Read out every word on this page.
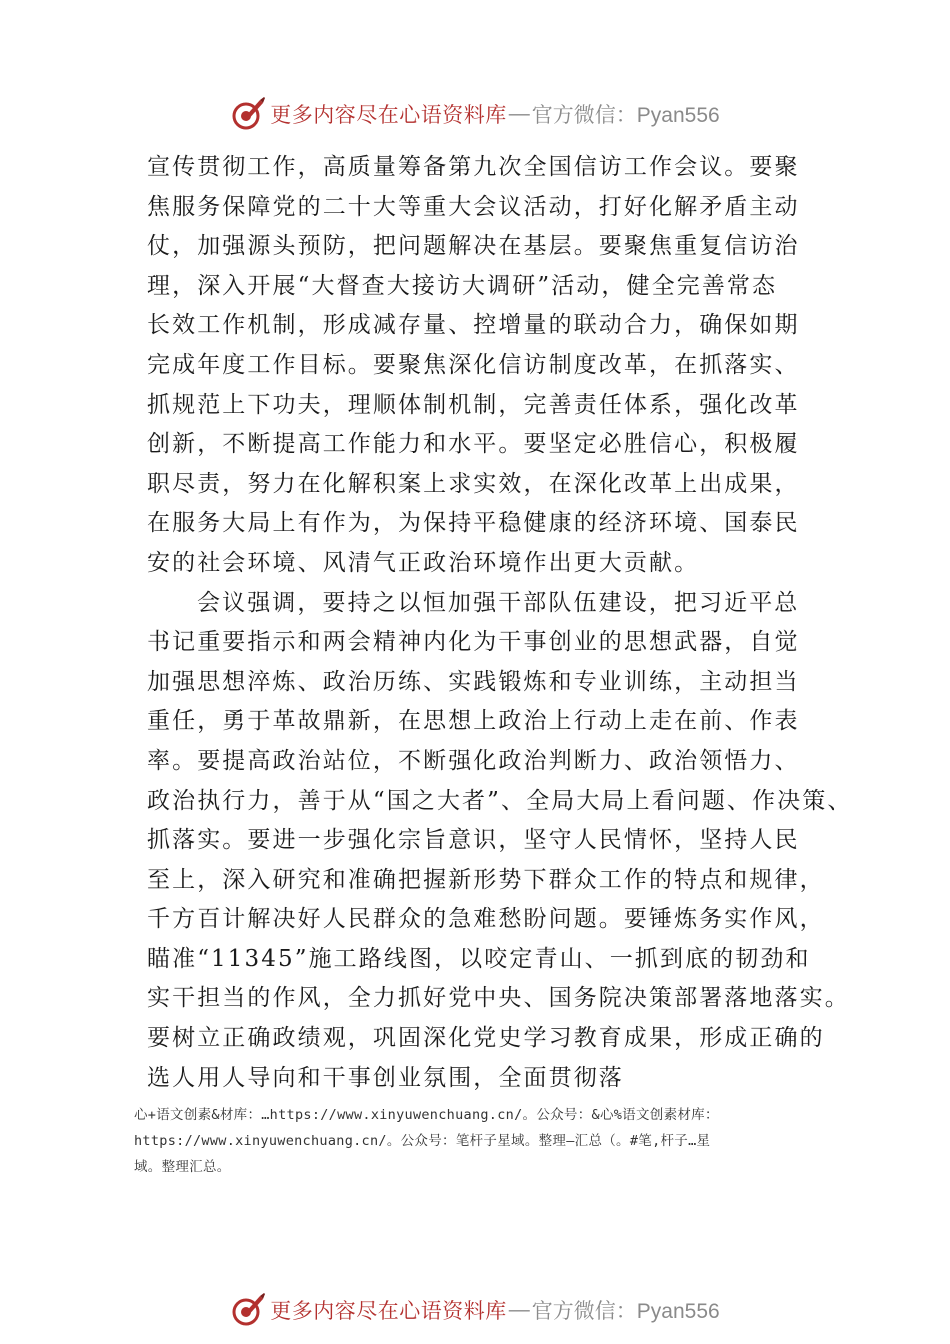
更多内容尽在心语资料库 — 官方微信：Pyan556
宣传贯彻工作，高质量筹备第九次全国信访工作会议。要聚
焦服务保障党的二十大等重大会议活动，打好化解矛盾主动
仗，加强源头预防，把问题解决在基层。要聚焦重复信访治
理，深入开展“大督查大接访大调研”活动，健全完善常态
长效工作机制，形成减存量、控增量的联动合力，确保如期
完成年度工作目标。要聚焦深化信访制度改革，在抓落实、
抓规范上下功夫，理顺体制机制，完善责任体系，强化改革
创新，不断提高工作能力和水平。要坚定必胜信心，积极履
职尽责，努力在化解积案上求实效，在深化改革上出成果，
在服务大局上有作为，为保持平稳健康的经济环境、国泰民
安的社会环境、风清气正政治环境作出更大贡献。
会议强调，要持之以恒加强干部队伍建设，把习近平总
书记重要指示和两会精神内化为干事创业的思想武器，自觉
加强思想淬炼、政治历练、实践锻炼和专业训练，主动担当
重任，勇于革故鼎新，在思想上政治上行动上走在前、作表
率。要提高政治站位，不断强化政治判断力、政治领悟力、
政治执行力，善于从“国之大者”、全局大局上看问题、作决策、
抓落实。要进一步强化宗旨意识，坚守人民情怀，坚持人民
至上，深入研究和准确把握新形势下群众工作的特点和规律，
千方百计解决好人民群众的急难愁盼问题。要锤炼务实作风，
瞄准“11345”施工路线图，以咬定青山、一抓到底的韧劲和
实干担当的作风，全力抓好党中央、国务院决策部署落地落实。
要树立正确政绩观，巩固深化党史学习教育成果，形成正确的
选人用人导向和干事创业氛围，全面贯彻落
心+语文创素&材库：…https://www.xinyuwenchuang.cn/。公众号：&心%语文创素材库：
https://www.xinyuwenchuang.cn/。公众号：笔杆子星域。整理—汇总（。#笔,杆子…星
域。整理汇总。
更多内容尽在心语资料库 — 官方微信：Pyan556
